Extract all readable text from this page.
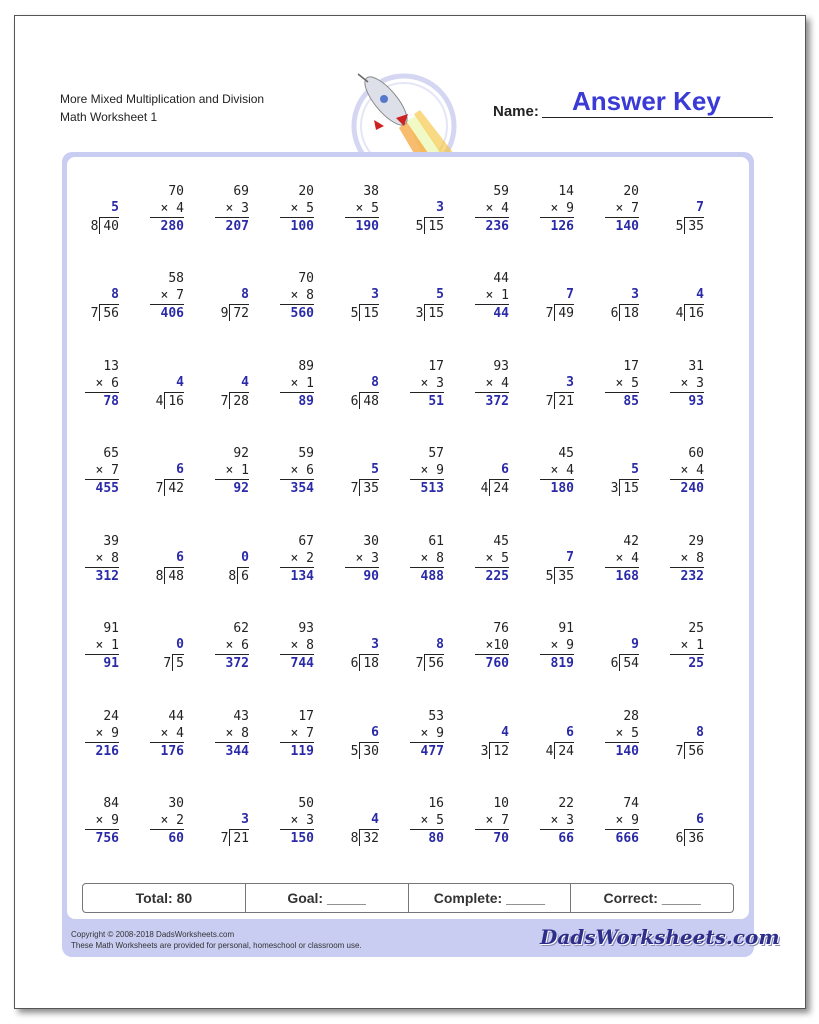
More Mixed Multiplication and Division
Math Worksheet 1	Name: Answer Key
Total: 80	Goal: _____	Complete: _____	Correct: _____
Copyright © 2008-2018 DadsWorksheets.com
These Math Worksheets are provided for personal, homeschool or classroom use.	DadsWorksheets.com
5
8 40
70
× 4
280
69
× 3
207
20
× 5
100
38
× 5
190
3
5 15
59
× 4
236
14
× 9
126
20
× 7
140
7
5 35
8
7 56
58
× 7
406
8
9 72
70
× 8
560
3
5 15
5
3 15
44
× 1
44
7
7 49
3
6 18
4
4 16
13
× 6
78
4
4 16
4
7 28
89
× 1
89
8
6 48
17
× 3
51
93
× 4
372
3
7 21
17
× 5
85
31
× 3
93
65
× 7
455
6
7 42
92
× 1
92
59
× 6
354
5
7 35
57
× 9
513
6
4 24
45
× 4
180
5
3 15
60
× 4
240
39
× 8
312
6
8 48
0
8 6
67
× 2
134
30
× 3
90
61
× 8
488
45
× 5
225
7
5 35
42
× 4
168
29
× 8
232
91
× 1
91
0
7 5
62
× 6
372
93
× 8
744
3
6 18
8
7 56
76
×10
760
91
× 9
819
9
6 54
25
× 1
25
24
× 9
216
44
× 4
176
43
× 8
344
17
× 7
119
6
5 30
53
× 9
477
4
3 12
6
4 24
28
× 5
140
8
7 56
84
× 9
756
30
× 2
60
3
7 21
50
× 3
150
4
8 32
16
× 5
80
10
× 7
70
22
× 3
66
74
× 9
666
6
6 36
